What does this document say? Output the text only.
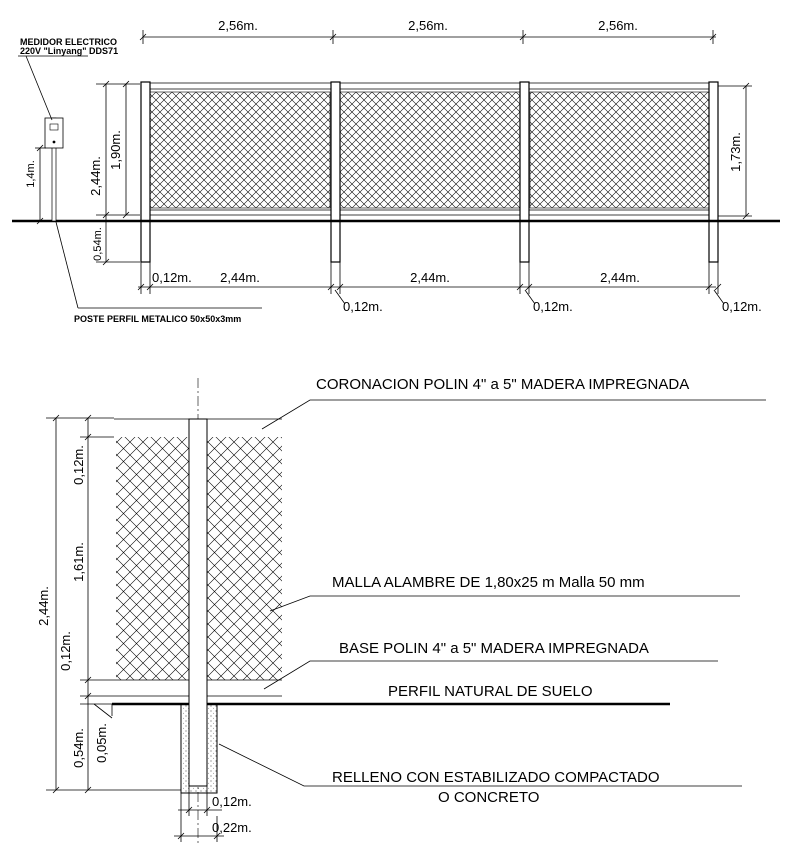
2,56m.	2,56m.	2,56m.
2,44m.
1,90m.
0,54m.
1,73m.
1,4m.
MEDIDOR ELECTRICO
220V "Linyang" DDS71
POSTE PERFIL METALICO 50x50x3mm
0,12m. 2,44m.	2,44m.	2,44m.
0,12m.	0,12m.	0,12m.
2,44m.
0,12m.
1,61m.
0,12m.
0,54m. 0,05m.
0,12m.
0,22m.
CORONACION POLIN 4" a 5" MADERA IMPREGNADA
MALLA ALAMBRE DE 1,80x25 m Malla 50 mm
BASE POLIN 4" a 5" MADERA IMPREGNADA
PERFIL NATURAL DE SUELO
RELLENO CON ESTABILIZADO COMPACTADO
O CONCRETO
